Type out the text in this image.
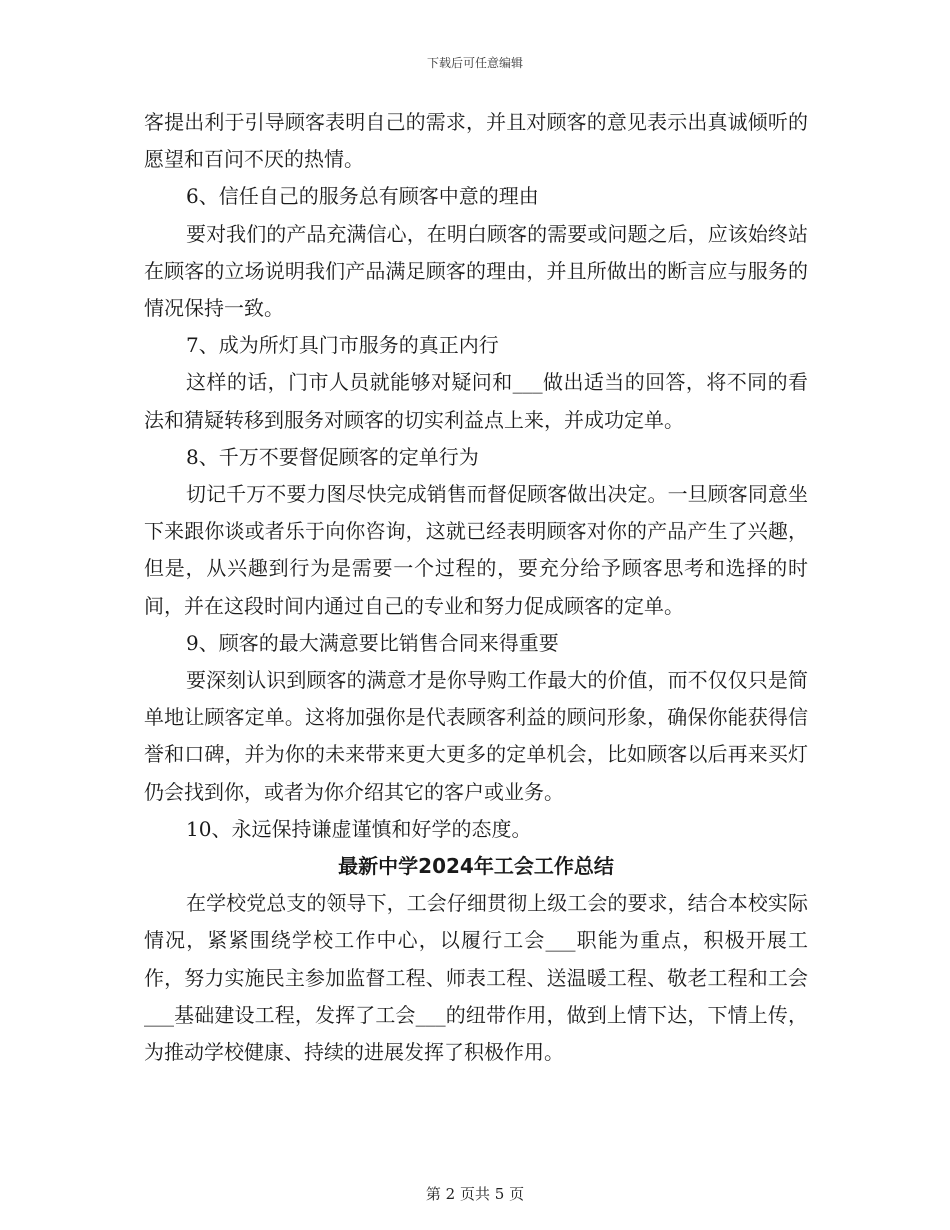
下载后可任意编辑

客提出利于引导顾客表明自己的需求，并且对顾客的意见表示出真诚倾听的愿望和百问不厌的热情。

6、信任自己的服务总有顾客中意的理由

要对我们的产品充满信心，在明白顾客的需要或问题之后，应该始终站在顾客的立场说明我们产品满足顾客的理由，并且所做出的断言应与服务的情况保持一致。

7、成为所灯具门市服务的真正内行

这样的话，门市人员就能够对疑问和___做出适当的回答，将不同的看法和猜疑转移到服务对顾客的切实利益点上来，并成功定单。

8、千万不要督促顾客的定单行为

切记千万不要力图尽快完成销售而督促顾客做出决定。一旦顾客同意坐下来跟你谈或者乐于向你咨询，这就已经表明顾客对你的产品产生了兴趣，但是，从兴趣到行为是需要一个过程的，要充分给予顾客思考和选择的时间，并在这段时间内通过自己的专业和努力促成顾客的定单。

9、顾客的最大满意要比销售合同来得重要

要深刻认识到顾客的满意才是你导购工作最大的价值，而不仅仅只是简单地让顾客定单。这将加强你是代表顾客利益的顾问形象，确保你能获得信誉和口碑，并为你的未来带来更大更多的定单机会，比如顾客以后再来买灯仍会找到你，或者为你介绍其它的客户或业务。

10、永远保持谦虚谨慎和好学的态度。

最新中学2024年工会工作总结

在学校党总支的领导下，工会仔细贯彻上级工会的要求，结合本校实际情况，紧紧围绕学校工作中心，以履行工会___职能为重点，积极开展工作，努力实施民主参加监督工程、师表工程、送温暖工程、敬老工程和工会___基础建设工程，发挥了工会___的纽带作用，做到上情下达，下情上传，为推动学校健康、持续的进展发挥了积极作用。

第 2 页共 5 页
